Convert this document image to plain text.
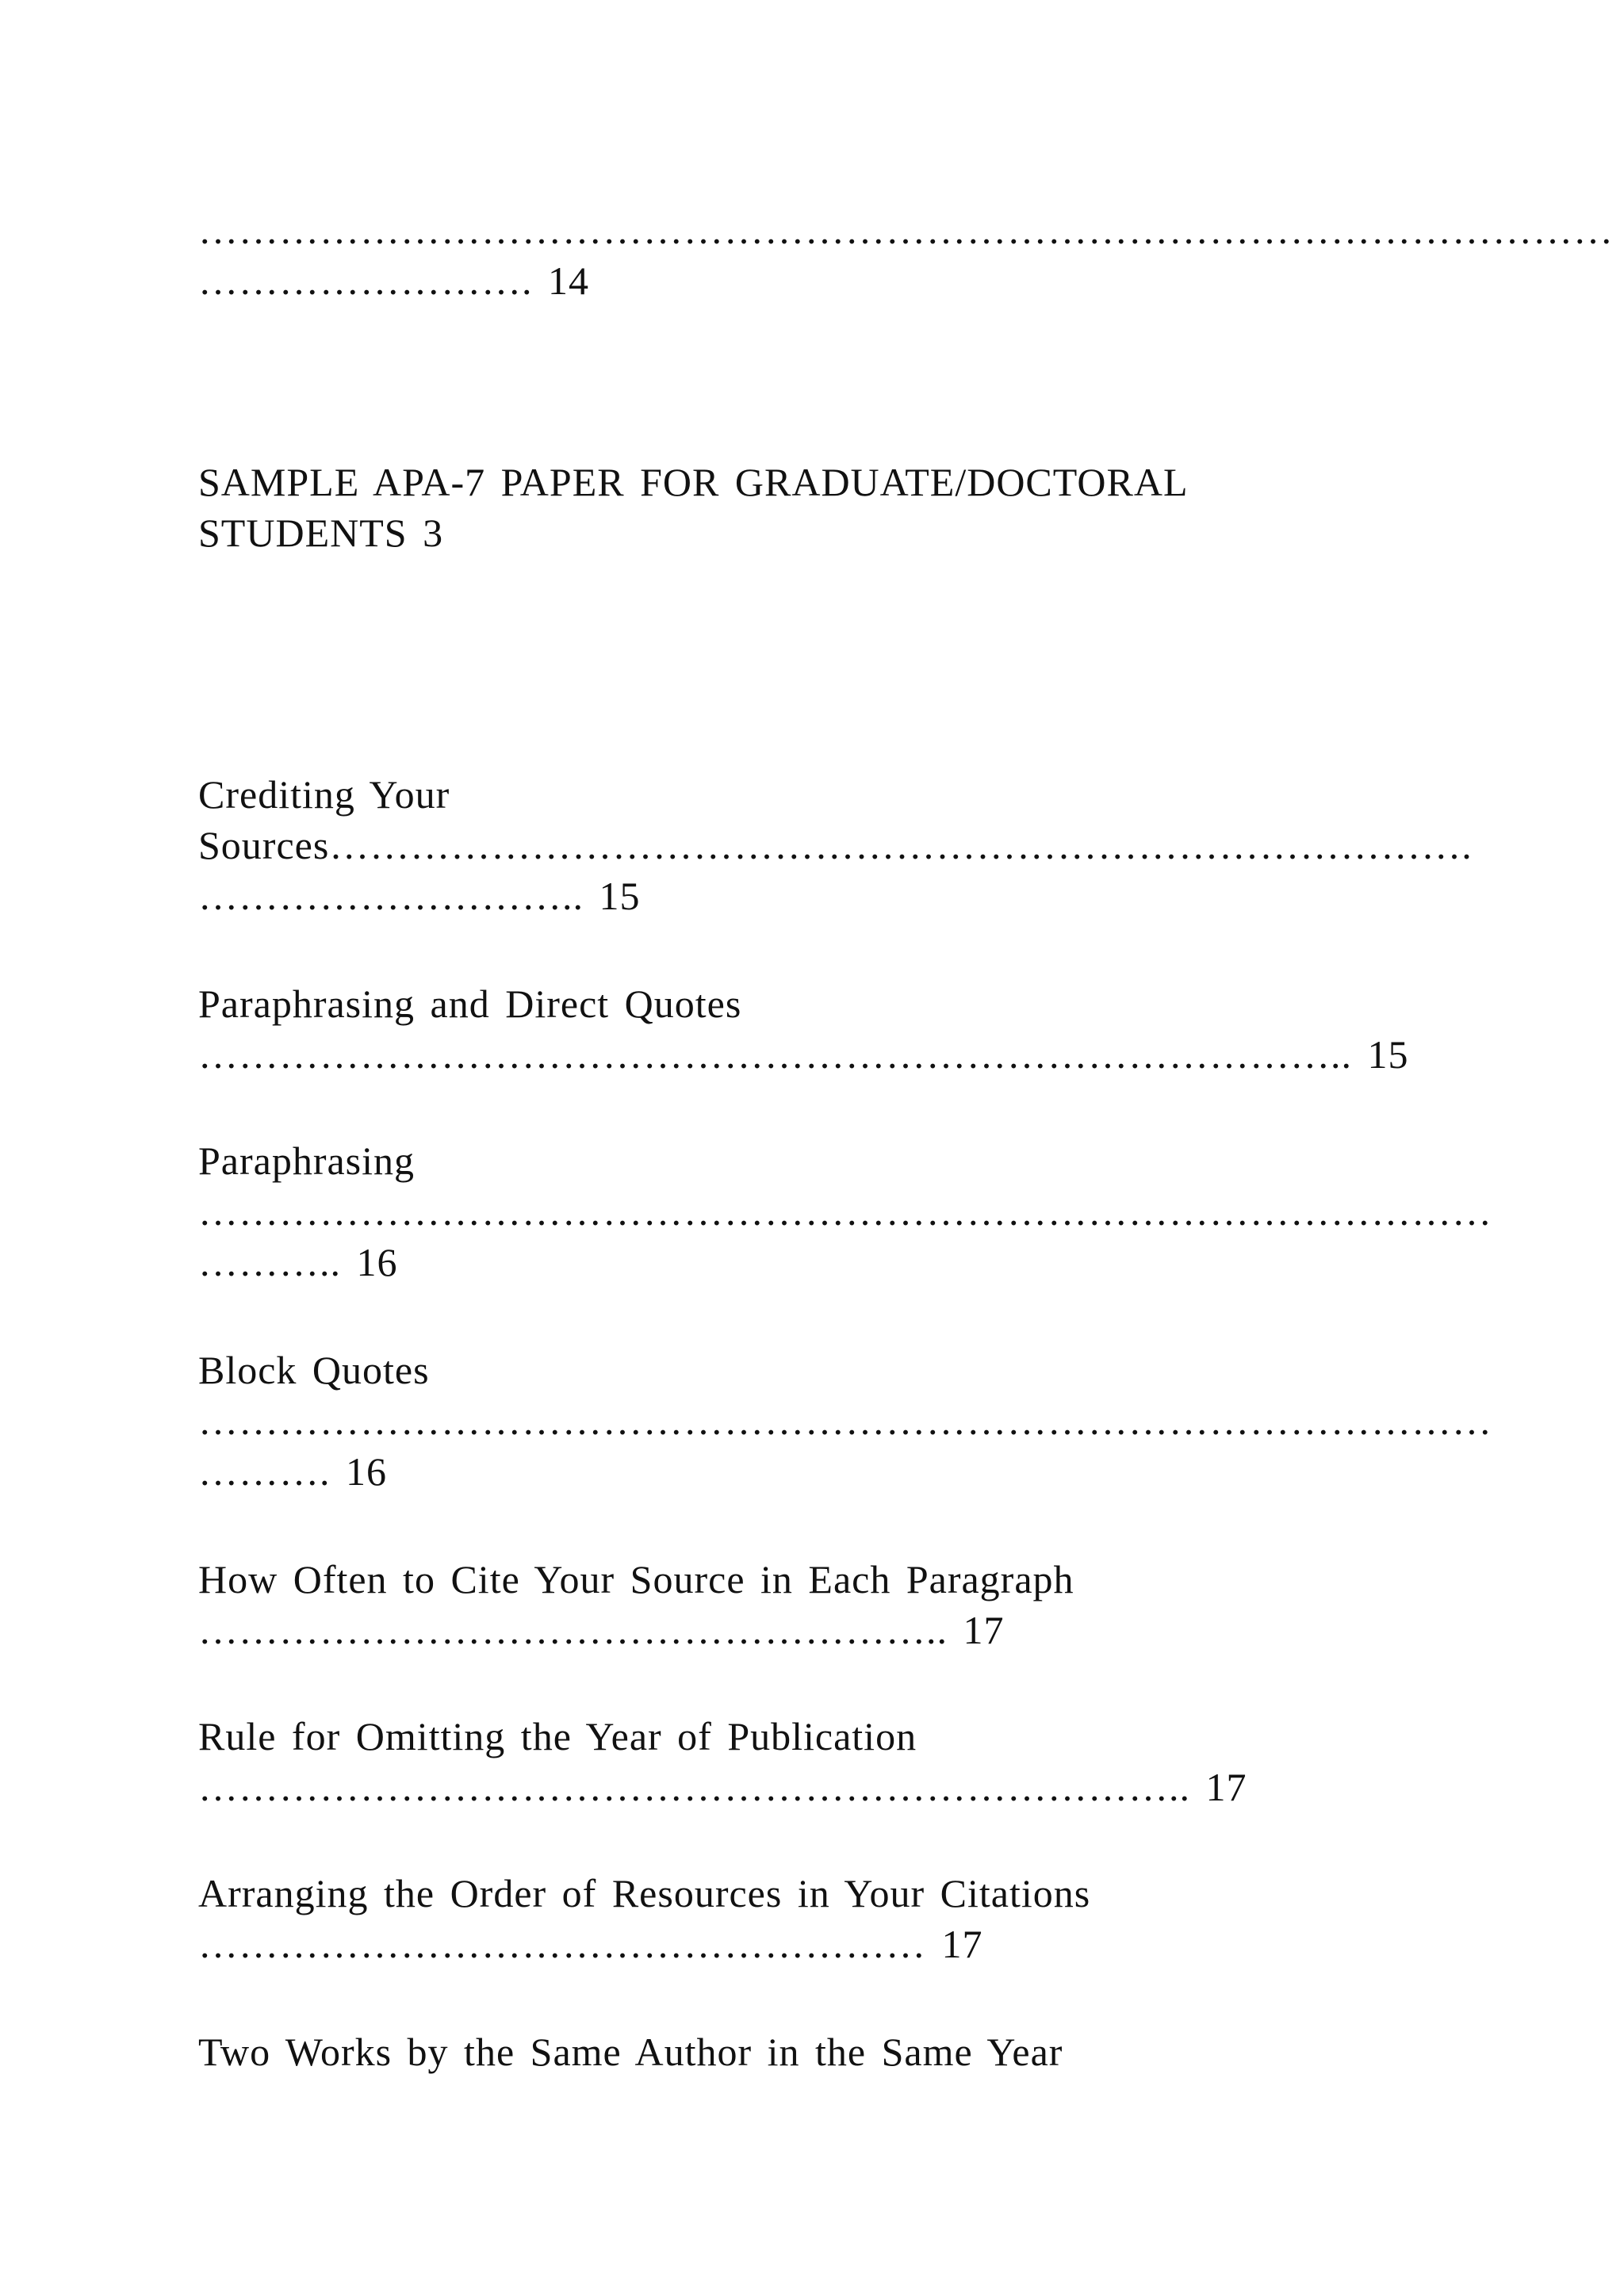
……………………………………………………………………………………………

……………………. 14

SAMPLE APA-7 PAPER FOR GRADUATE/DOCTORAL

STUDENTS 3

Crediting Your

Sources………………………………………………………………………….

……………………….. 15

Paraphrasing and Direct Quotes

………………………………………………………………………….. 15

Paraphrasing

……………………………………………………………………………………

……….. 16

Block Quotes

……………………………………………………………………………………

………. 16

How Often to Cite Your Source in Each Paragraph

……………………………………………….. 17

Rule for Omitting the Year of Publication

……………………………………………………………….. 17

Arranging the Order of Resources in Your Citations

……………………………………………… 17

Two Works by the Same Author in the Same Year
